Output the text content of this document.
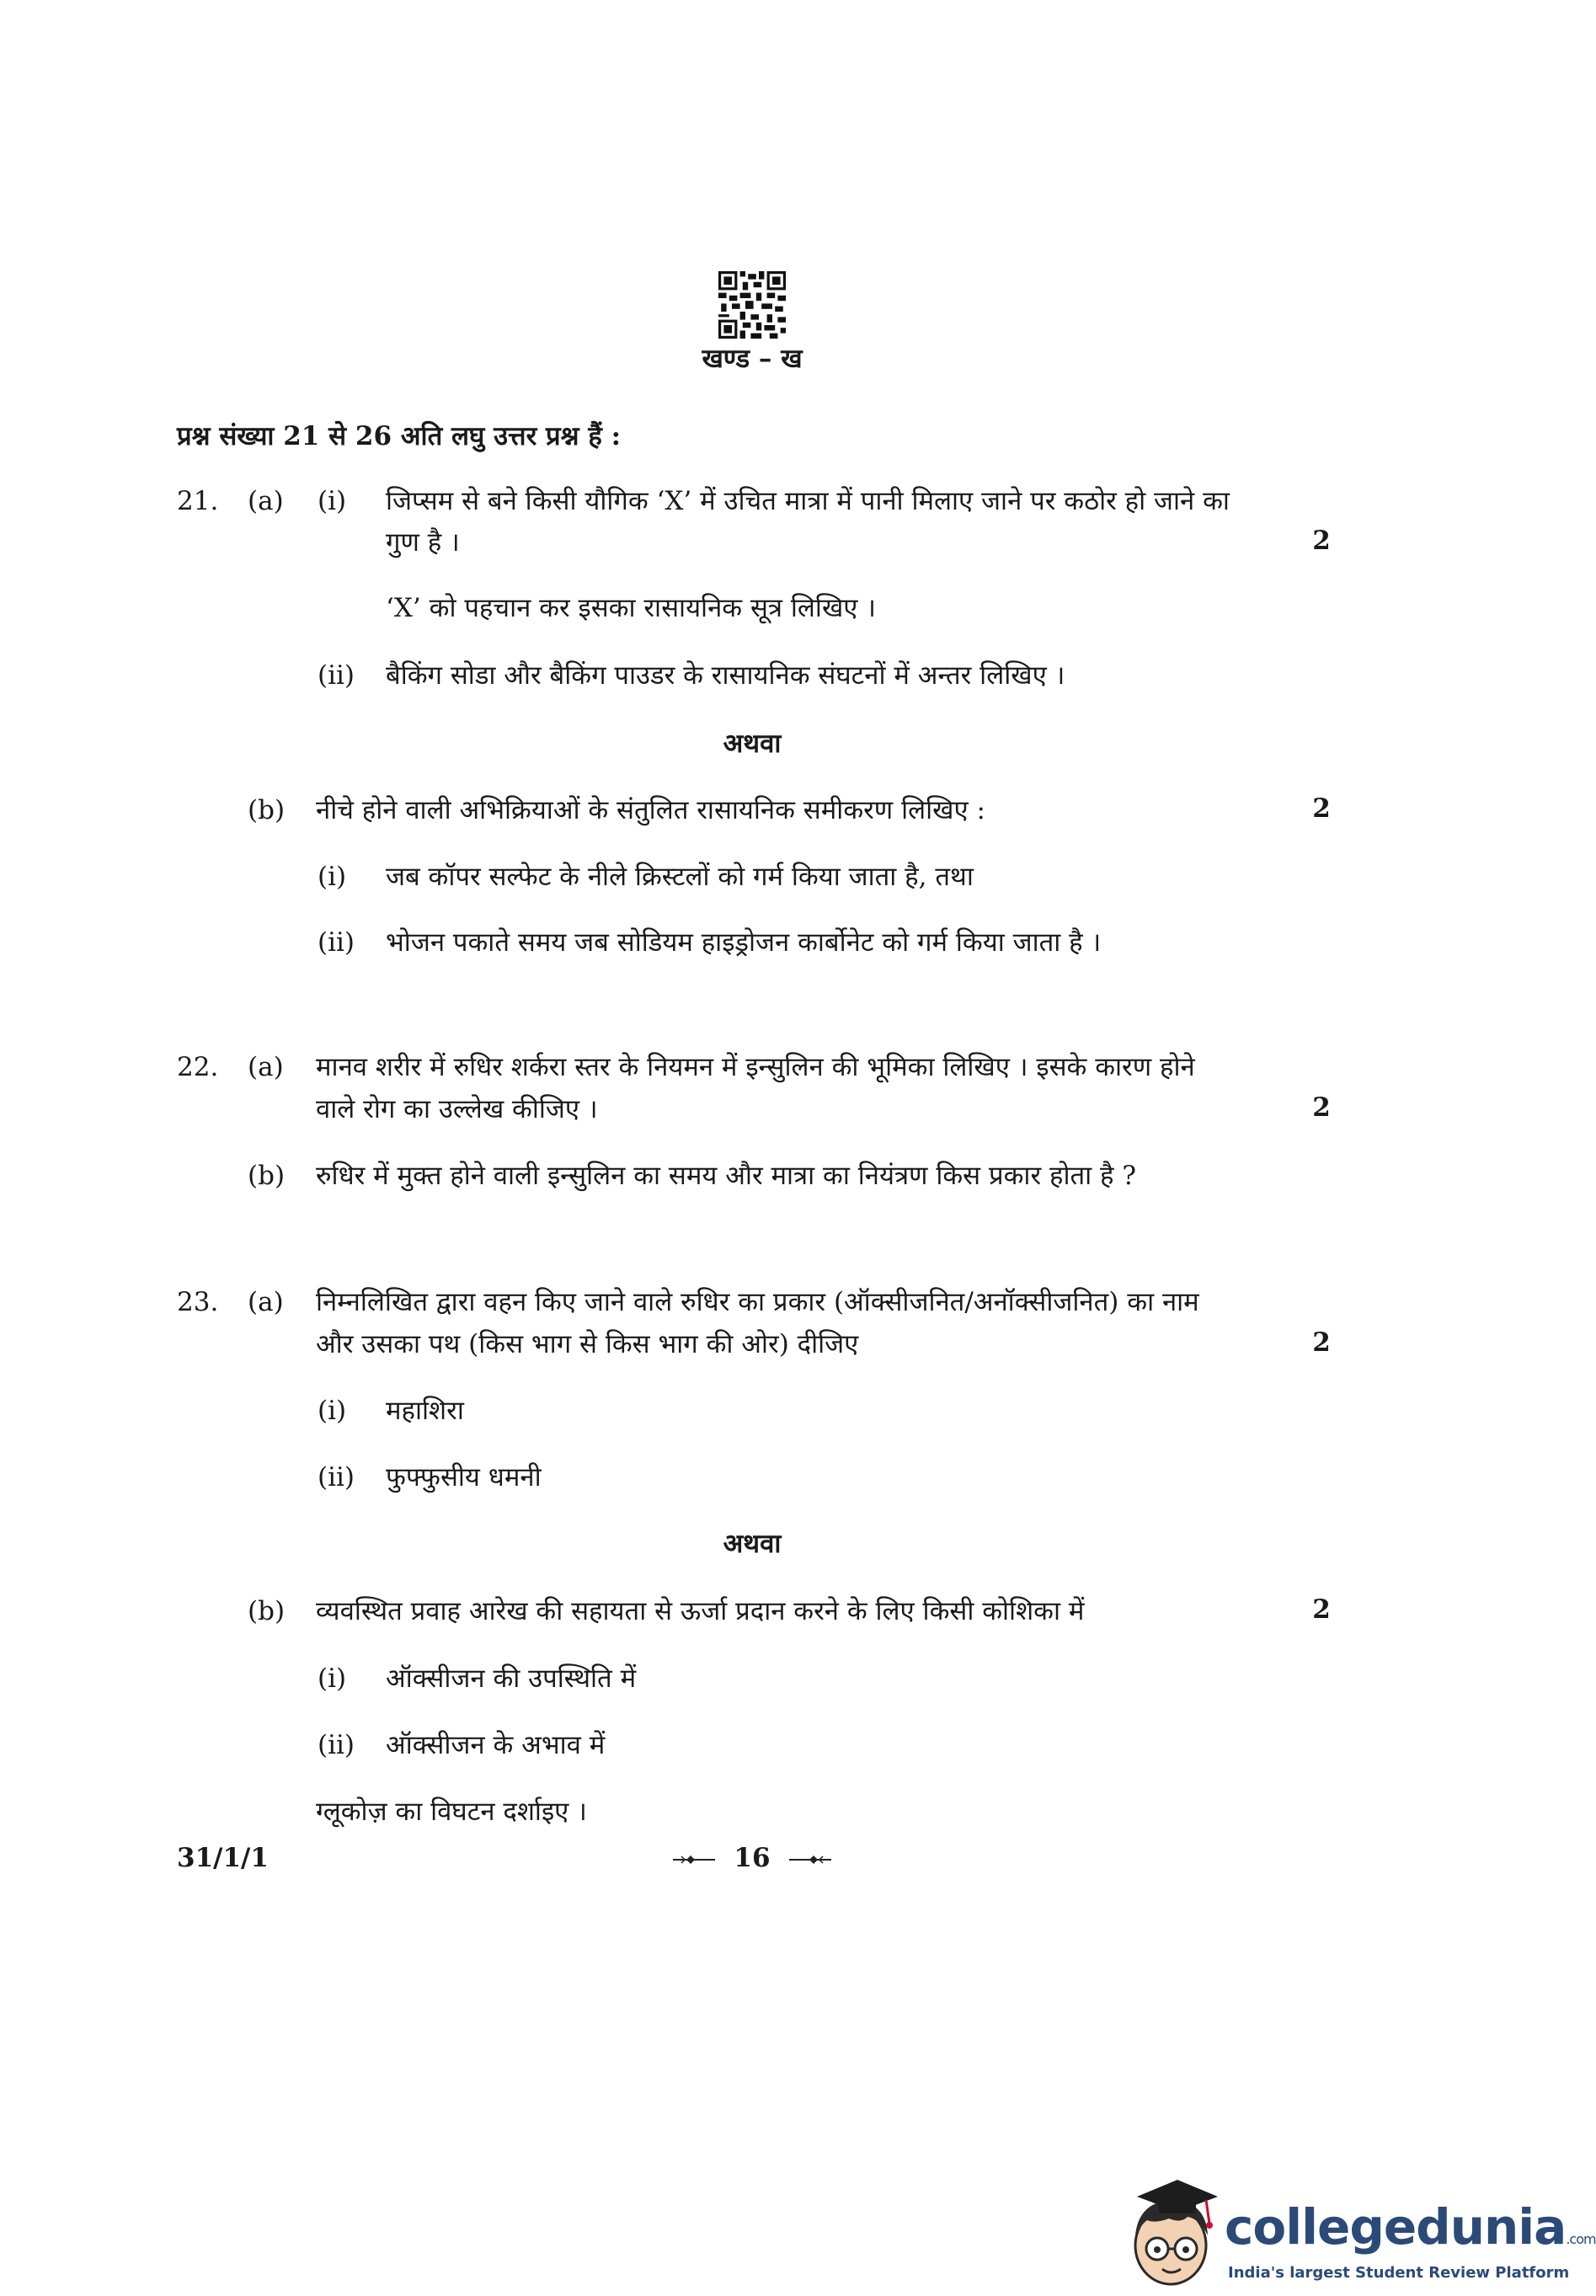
खण्ड – ख
प्रश्न संख्या 21 से 26 अति लघु उत्तर प्रश्न हैं :
21. (a) (i) जिप्सम से बने किसी यौगिक ‘X’ में उचित मात्रा में पानी मिलाए जाने पर कठोर हो जाने का
गुण है ।	2
‘X’ को पहचान कर इसका रासायनिक सूत्र लिखिए ।
(ii) बैकिंग सोडा और बैकिंग पाउडर के रासायनिक संघटनों में अन्तर लिखिए ।
अथवा
(b) नीचे होने वाली अभिक्रियाओं के संतुलित रासायनिक समीकरण लिखिए :	2
(i) जब कॉपर सल्फेट के नीले क्रिस्टलों को गर्म किया जाता है, तथा
(ii) भोजन पकाते समय जब सोडियम हाइड्रोजन कार्बोनेट को गर्म किया जाता है ।
22. (a) मानव शरीर में रुधिर शर्करा स्तर के नियमन में इन्सुलिन की भूमिका लिखिए । इसके कारण होने
वाले रोग का उल्लेख कीजिए ।	2
(b) रुधिर में मुक्त होने वाली इन्सुलिन का समय और मात्रा का नियंत्रण किस प्रकार होता है ?
23. (a) निम्नलिखित द्वारा वहन किए जाने वाले रुधिर का प्रकार (ऑक्सीजनित/अनॉक्सीजनित) का नाम
और उसका पथ (किस भाग से किस भाग की ओर) दीजिए	2
(i) महाशिरा
(ii) फुफ्फुसीय धमनी
अथवा
(b) व्यवस्थित प्रवाह आरेख की सहायता से ऊर्जा प्रदान करने के लिए किसी कोशिका में	2
(i) ऑक्सीजन की उपस्थिति में
(ii) ऑक्सीजन के अभाव में
ग्लूकोज़ का विघटन दर्शाइए ।
31/1/1	16
collegedunia.com
India's largest Student Review Platform
